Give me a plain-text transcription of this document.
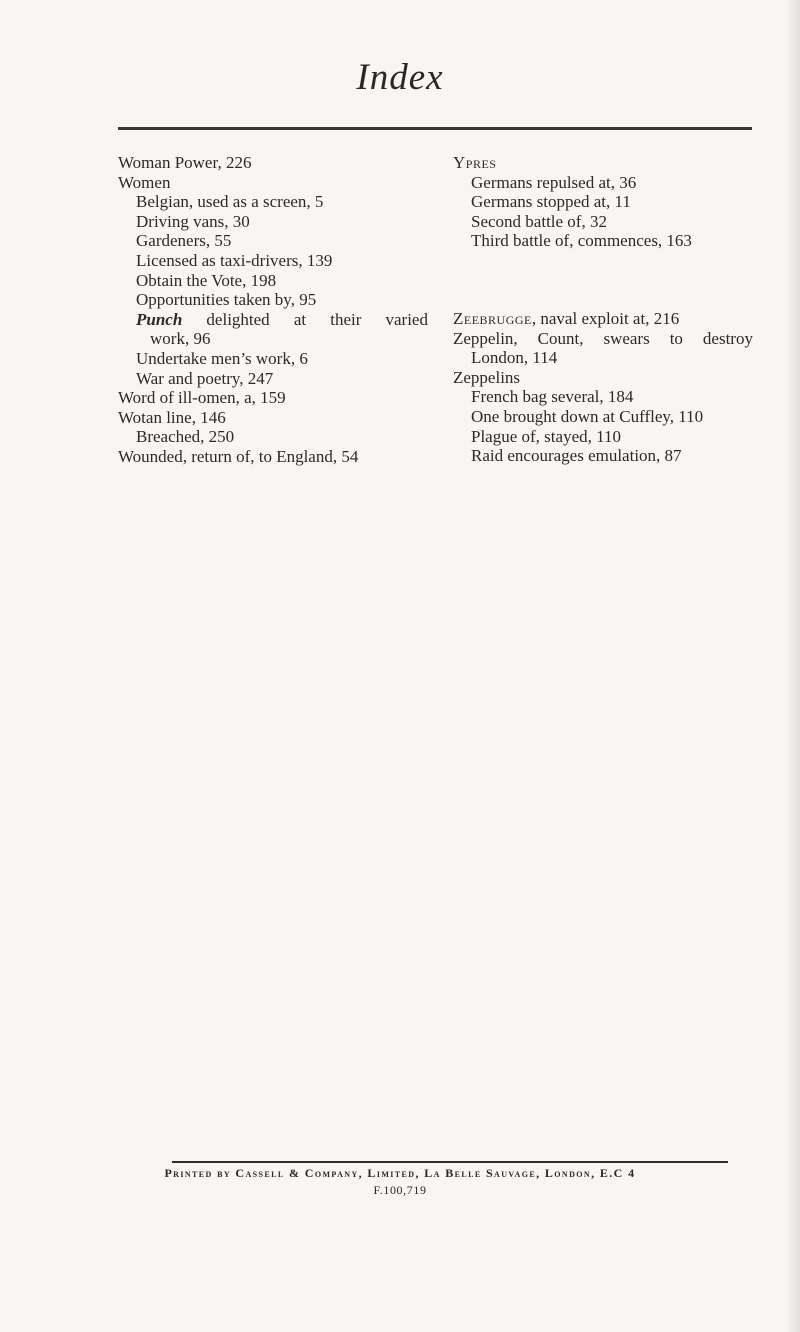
Index
Woman Power, 226
Women
Belgian, used as a screen, 5
Driving vans, 30
Gardeners, 55
Licensed as taxi-drivers, 139
Obtain the Vote, 198
Opportunities taken by, 95
Punch delighted at their varied
work, 96
Undertake men’s work, 6
War and poetry, 247
Word of ill-omen, a, 159
Wotan line, 146
Breached, 250
Wounded, return of, to England, 54
Ypres
Germans repulsed at, 36
Germans stopped at, 11
Second battle of, 32
Third battle of, commences, 163
Zeebrugge, naval exploit at, 216
Zeppelin, Count, swears to destroy
London, 114
Zeppelins
French bag several, 184
One brought down at Cuffley, 110
Plague of, stayed, 110
Raid encourages emulation, 87
Printed by Cassell & Company, Limited, La Belle Sauvage, London, E.C 4
F.100,719
